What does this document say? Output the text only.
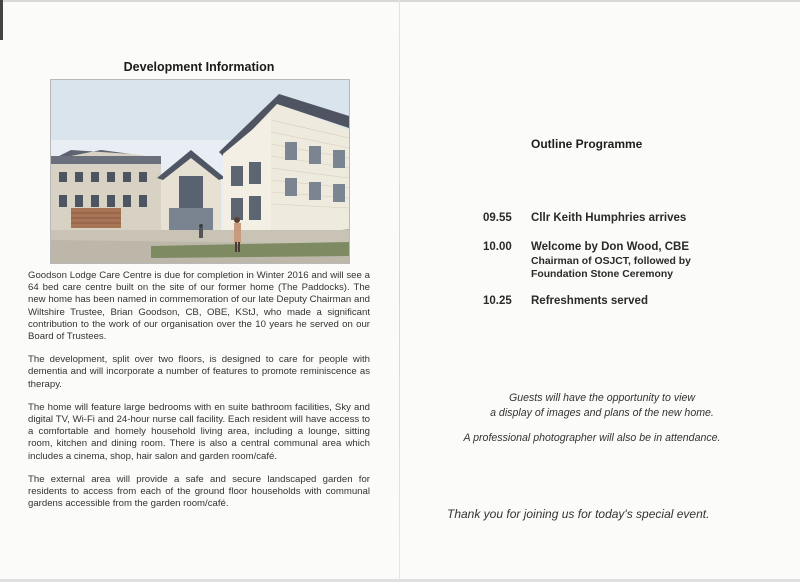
Development Information

Goodson Lodge Care Centre is due for completion in Winter 2016 and will see a 64 bed care centre built on the site of our former home (The Paddocks). The new home has been named in commemoration of our late Deputy Chairman and Wiltshire Trustee, Brian Goodson, CB, OBE, KStJ, who made a significant contribution to the work of our organisation over the 10 years he served on our Board of Trustees.

The development, split over two floors, is designed to care for people with dementia and will incorporate a number of features to promote reminiscence as therapy.

The home will feature large bedrooms with en suite bathroom facilities, Sky and digital TV, Wi-Fi and 24-hour nurse call facility. Each resident will have access to a comfortable and homely household living area, including a lounge, sitting room, kitchen and dining room. There is also a central communal area which includes a cinema, shop, hair salon and garden room/café.

The external area will provide a safe and secure landscaped garden for residents to access from each of the ground floor households with communal gardens accessible from the garden room/café.

Outline Programme
09.55 Cllr Keith Humphries arrives
10.00 Welcome by Don Wood, CBE
Chairman of OSJCT, followed by
Foundation Stone Ceremony
10.25 Refreshments served
Guests will have the opportunity to view
a display of images and plans of the new home.
A professional photographer will also be in attendance.
Thank you for joining us for today's special event.
